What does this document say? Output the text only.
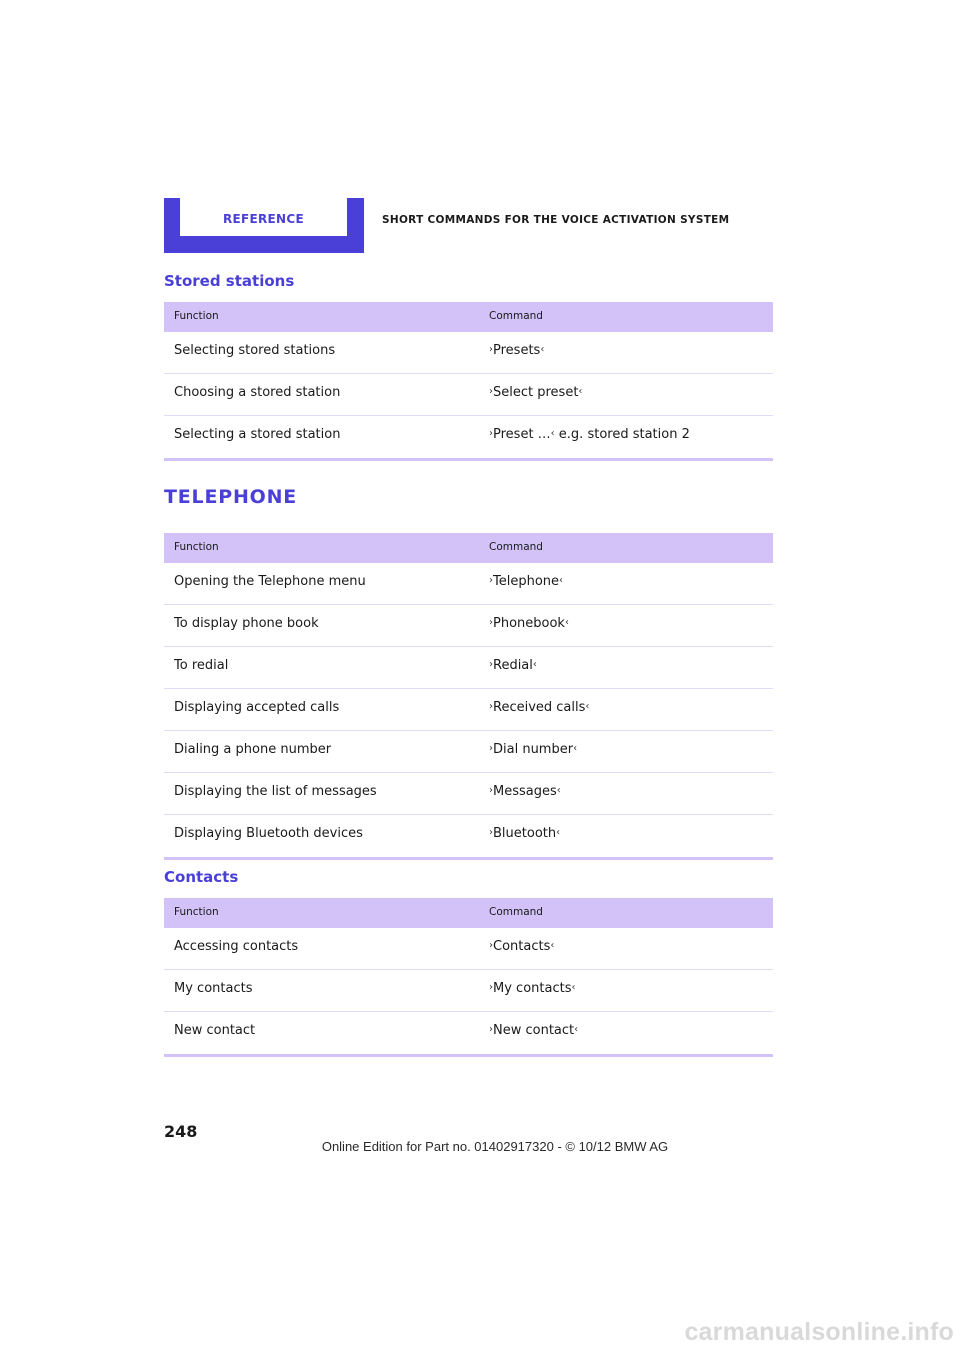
REFERENCE	SHORT COMMANDS FOR THE VOICE ACTIVATION SYSTEM
Stored stations
Function	Command
Selecting stored stations	›Presets‹
Choosing a stored station	›Select preset‹
Selecting a stored station	›Preset …‹ e.g. stored station 2
TELEPHONE
Function	Command
Opening the Telephone menu	›Telephone‹
To display phone book	›Phonebook‹
To redial	›Redial‹
Displaying accepted calls	›Received calls‹
Dialing a phone number	›Dial number‹
Displaying the list of messages	›Messages‹
Displaying Bluetooth devices	›Bluetooth‹
Contacts
Function	Command
Accessing contacts	›Contacts‹
My contacts	›My contacts‹
New contact	›New contact‹
248
Online Edition for Part no. 01402917320 - © 10/12 BMW AG
carmanualsonline.info
